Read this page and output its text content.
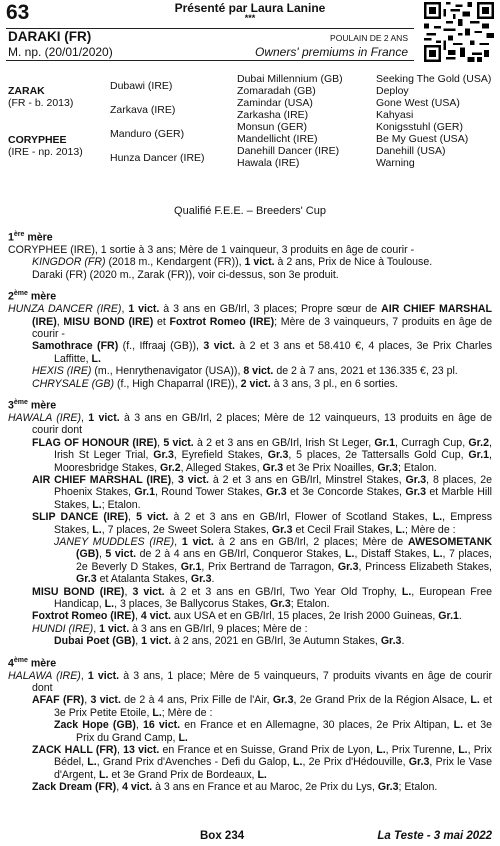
63	Présenté par Laura Lanine
***
DARAKI (FR)
M. np. (20/01/2020)
POULAIN DE 2 ANS
Owners' premiums in France
ZARAK
(FR - b. 2013)
CORYPHEE
(IRE - np. 2013)
Dubawi (IRE)
Zarkava (IRE)
Manduro (GER)
Hunza Dancer (IRE)
Dubai Millennium (GB)
Zomaradah (GB)
Zamindar (USA)
Zarkasha (IRE)
Monsun (GER)
Mandellicht (IRE)
Danehill Dancer (IRE)
Hawala (IRE)
Seeking The Gold (USA)
Deploy
Gone West (USA)
Kahyasi
Konigsstuhl (GER)
Be My Guest (USA)
Danehill (USA)
Warning
Qualifié F.E.E. – Breeders' Cup

1ère mère

CORYPHEE (IRE), 1 sortie à 3 ans; Mère de 1 vainqueur, 3 produits en âge de courir -

KINGDOR (FR) (2018 m., Kendargent (FR)), 1 vict. à 2 ans, Prix de Nice à Toulouse.

Daraki (FR) (2020 m., Zarak (FR)), voir ci-dessus, son 3e produit.

2ème mère

HUNZA DANCER (IRE), 1 vict. à 3 ans en GB/Irl, 3 places; Propre sœur de AIR CHIEF MARSHAL (IRE), MISU BOND (IRE) et Foxtrot Romeo (IRE); Mère de 3 vainqueurs, 7 produits en âge de courir -

Samothrace (FR) (f., Iffraaj (GB)), 3 vict. à 2 et 3 ans et 58.410 €, 4 places, 3e Prix Charles Laffitte, L.

HEXIS (IRE) (m., Henrythenavigator (USA)), 8 vict. de 2 à 7 ans, 2021 et 136.335 €, 23 pl.

CHRYSALE (GB) (f., High Chaparral (IRE)), 2 vict. à 3 ans, 3 pl., en 6 sorties.

3ème mère

HAWALA (IRE), 1 vict. à 3 ans en GB/Irl, 2 places; Mère de 12 vainqueurs, 13 produits en âge de courir dont

FLAG OF HONOUR (IRE), 5 vict. à 2 et 3 ans en GB/Irl, Irish St Leger, Gr.1, Curragh Cup, Gr.2, Irish St Leger Trial, Gr.3, Eyrefield Stakes, Gr.3, 5 places, 2e Tattersalls Gold Cup, Gr.1, Mooresbridge Stakes, Gr.2, Alleged Stakes, Gr.3 et 3e Prix Noailles, Gr.3; Etalon.

AIR CHIEF MARSHAL (IRE), 3 vict. à 2 et 3 ans en GB/Irl, Minstrel Stakes, Gr.3, 8 places, 2e Phoenix Stakes, Gr.1, Round Tower Stakes, Gr.3 et 3e Concorde Stakes, Gr.3 et Marble Hill Stakes, L.; Etalon.

SLIP DANCE (IRE), 5 vict. à 2 et 3 ans en GB/Irl, Flower of Scotland Stakes, L., Empress Stakes, L., 7 places, 2e Sweet Solera Stakes, Gr.3 et Cecil Frail Stakes, L.; Mère de :

JANEY MUDDLES (IRE), 1 vict. à 2 ans en GB/Irl, 2 places; Mère de AWESOMETANK (GB), 5 vict. de 2 à 4 ans en GB/Irl, Conqueror Stakes, L., Distaff Stakes, L., 7 places, 2e Beverly D Stakes, Gr.1, Prix Bertrand de Tarragon, Gr.3, Princess Elizabeth Stakes, Gr.3 et Atalanta Stakes, Gr.3.

MISU BOND (IRE), 3 vict. à 2 et 3 ans en GB/Irl, Two Year Old Trophy, L., European Free Handicap, L., 3 places, 3e Ballycorus Stakes, Gr.3; Etalon.

Foxtrot Romeo (IRE), 4 vict. aux USA et en GB/Irl, 15 places, 2e Irish 2000 Guineas, Gr.1.

HUNDI (IRE), 1 vict. à 3 ans en GB/Irl, 9 places; Mère de :

Dubai Poet (GB), 1 vict. à 2 ans, 2021 en GB/Irl, 3e Autumn Stakes, Gr.3.

4ème mère

HALAWA (IRE), 1 vict. à 3 ans, 1 place; Mère de 5 vainqueurs, 7 produits vivants en âge de courir dont

AFAF (FR), 3 vict. de 2 à 4 ans, Prix Fille de l'Air, Gr.3, 2e Grand Prix de la Région Alsace, L. et 3e Prix Petite Etoile, L.; Mère de :

Zack Hope (GB), 16 vict. en France et en Allemagne, 30 places, 2e Prix Altipan, L. et 3e Prix du Grand Camp, L.

ZACK HALL (FR), 13 vict. en France et en Suisse, Grand Prix de Lyon, L., Prix Turenne, L., Prix Bédel, L., Grand Prix d'Avenches - Defi du Galop, L., 2e Prix d'Hédouville, Gr.3, Prix le Vase d'Argent, L. et 3e Grand Prix de Bordeaux, L.

Zack Dream (FR), 4 vict. à 3 ans en France et au Maroc, 2e Prix du Lys, Gr.3; Etalon.

Box 234	La Teste - 3 mai 2022
